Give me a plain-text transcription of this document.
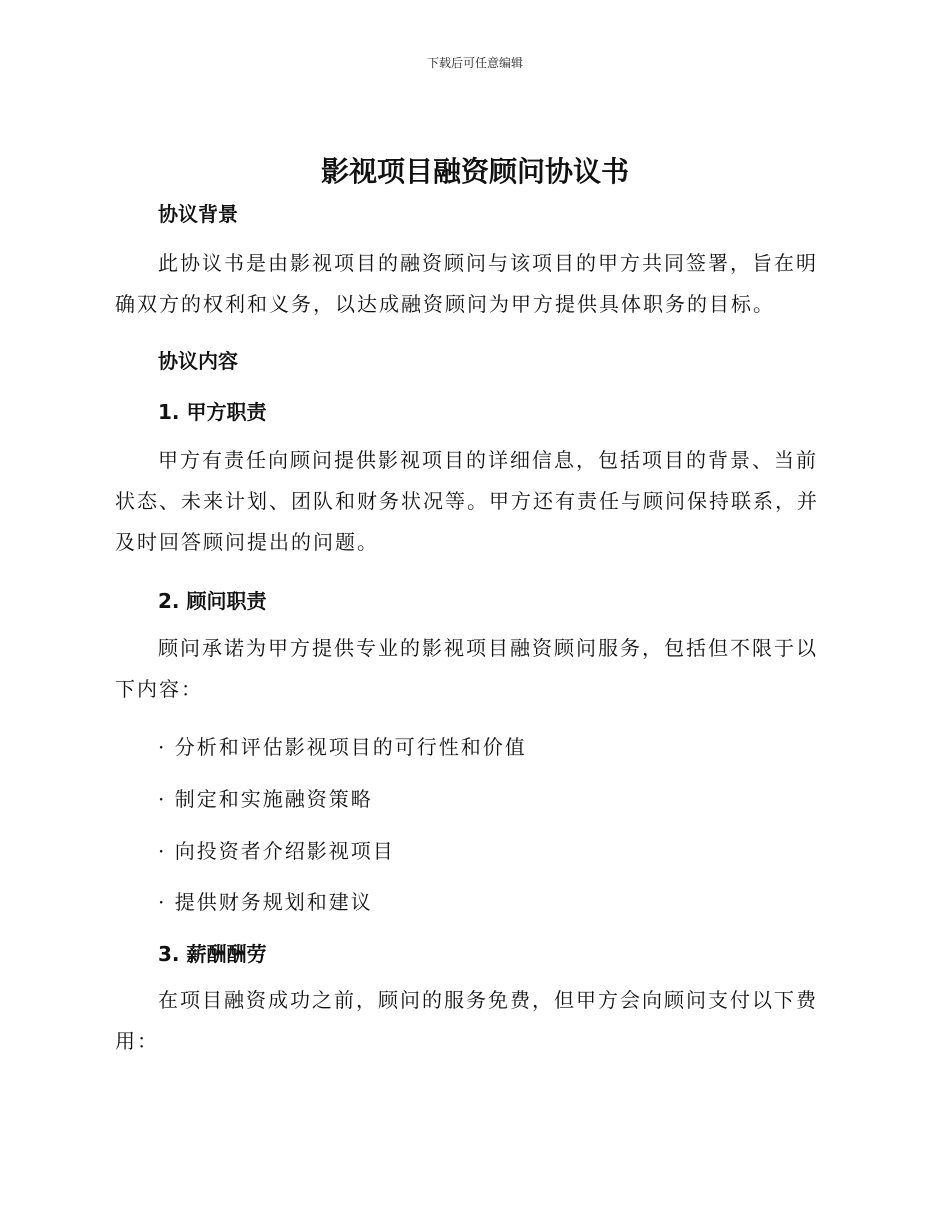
下载后可任意编辑
影视项目融资顾问协议书
协议背景

此协议书是由影视项目的融资顾问与该项目的甲方共同签署，旨在明确双方的权利和义务，以达成融资顾问为甲方提供具体职务的目标。

协议内容
1. 甲方职责

甲方有责任向顾问提供影视项目的详细信息，包括项目的背景、当前状态、未来计划、团队和财务状况等。甲方还有责任与顾问保持联系，并及时回答顾问提出的问题。

2. 顾问职责

顾问承诺为甲方提供专业的影视项目融资顾问服务，包括但不限于以下内容：

· 分析和评估影视项目的可行性和价值
· 制定和实施融资策略
· 向投资者介绍影视项目
· 提供财务规划和建议
3. 薪酬酬劳

在项目融资成功之前，顾问的服务免费，但甲方会向顾问支付以下费用：
